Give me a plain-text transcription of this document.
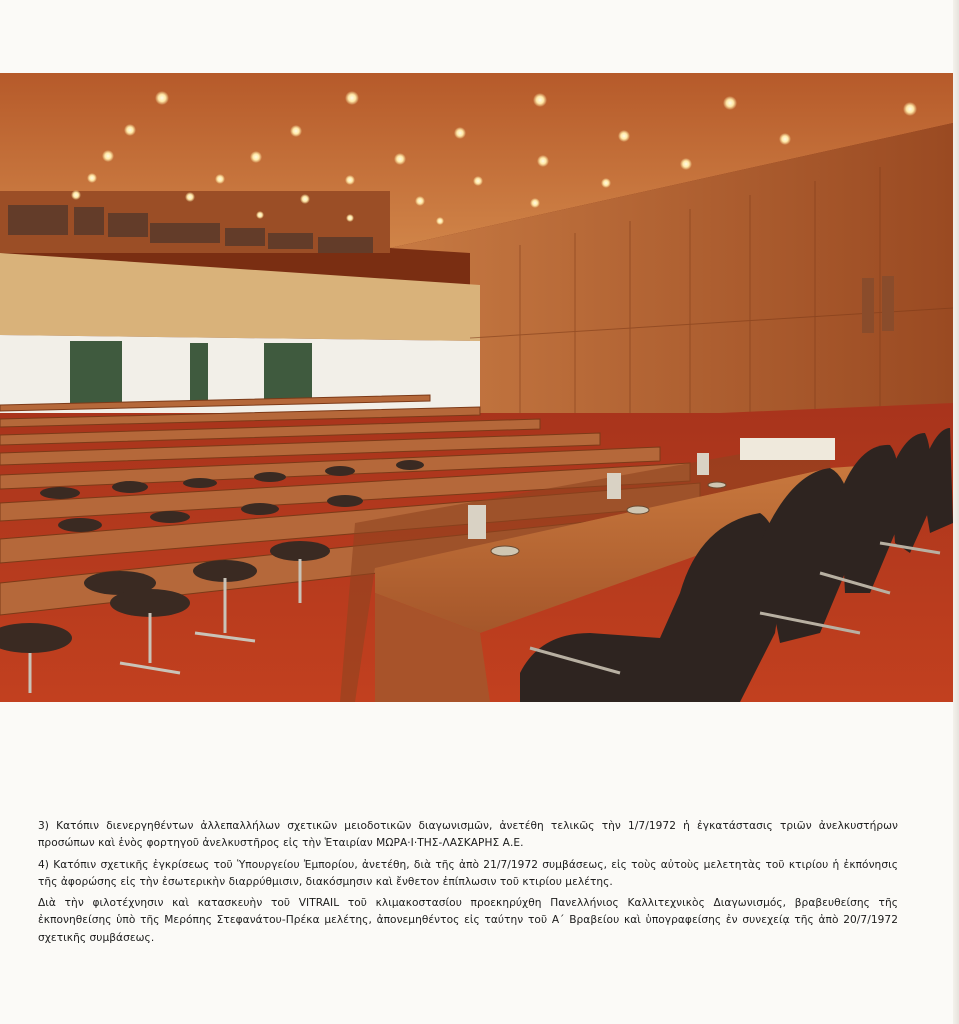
3) Κατόπιν διενεργηθέντων ἀλλεπαλλήλων σχετικῶν μειοδοτικῶν διαγωνισμῶν, ἀνετέθη τελικῶς τὴν 1/7/1972 ἡ ἐγκατάστασις τριῶν ἀνελκυστήρων προσώπων καὶ ἑνὸς φορτηγοῦ ἀνελκυστῆρος εἰς τὴν Ἑταιρίαν ΜΩΡΑ·Ι·ΤΗΣ-ΛΑΣΚΑΡΗΣ Α.Ε.

4) Κατόπιν σχετικῆς ἐγκρίσεως τοῦ Ὑπουργείου Ἐμπορίου, ἀνετέθη, διὰ τῆς ἀπὸ 21/7/1972 συμβάσεως, εἰς τοὺς αὐτοὺς μελετητὰς τοῦ κτιρίου ἡ ἐκπόνησις τῆς ἀφορώσης εἰς τὴν ἐσωτερικὴν διαρρύθμισιν, διακόσμησιν καὶ ἔνθετον ἐπίπλωσιν τοῦ κτιρίου μελέτης.

Διὰ τὴν φιλοτέχνησιν καὶ κατασκευὴν τοῦ VITRAIL τοῦ κλιμακοστασίου προεκηρύχθη Πανελλήνιος Καλλιτεχνικὸς Διαγωνισμός, βραβευθείσης τῆς ἐκπονηθείσης ὑπὸ τῆς Μερόπης Στεφανάτου-Πρέκα μελέτης, ἀπονεμηθέντος εἰς ταύτην τοῦ Α΄ Βραβείου καὶ ὑπογραφείσης ἐν συνεχείᾳ τῆς ἀπὸ 20/7/1972 σχετικῆς συμβάσεως.
